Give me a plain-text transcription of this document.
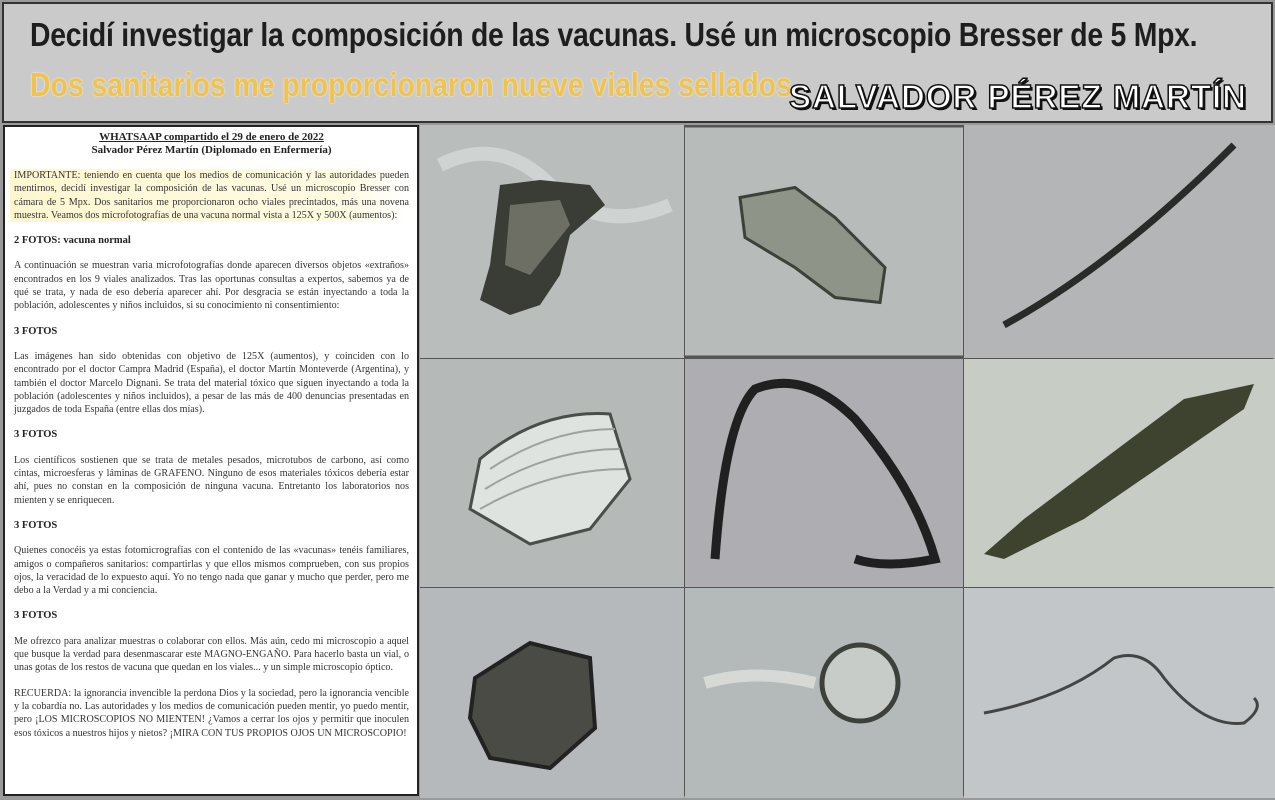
Decidí investigar la composición de las vacunas. Usé un microscopio Bresser de 5 Mpx.
Dos sanitarios me proporcionaron nueve viales sellados.
SALVADOR PÉREZ MARTÍN
WHATSAAP compartido el 29 de enero de 2022
Salvador Pérez Martín (Diplomado en Enfermería)

IMPORTANTE: teniendo en cuenta que los medios de comunicación y las autoridades pueden mentirnos, decidí investigar la composición de las vacunas. Usé un microscopio Bresser con cámara de 5 Mpx. Dos sanitarios me proporcionaron ocho viales precintados, más una novena muestra. Veamos dos microfotografías de una vacuna normal vista a 125X y 500X (aumentos):

2 FOTOS: vacuna normal

A continuación se muestran varia microfotografías donde aparecen diversos objetos «extraños» encontrados en los 9 viales analizados. Tras las oportunas consultas a expertos, sabemos ya de qué se trata, y nada de eso debería aparecer ahí. Por desgracia se están inyectando a toda la población, adolescentes y niños incluidos, si su conocimiento ni consentimiento:

3 FOTOS

Las imágenes han sido obtenidas con objetivo de 125X (aumentos), y coinciden con lo encontrado por el doctor Campra Madrid (España), el doctor Martín Monteverde (Argentina), y también el doctor Marcelo Dignani. Se trata del material tóxico que siguen inyectando a toda la población (adolescentes y niños incluidos), a pesar de las más de 400 denuncias presentadas en juzgados de toda España (entre ellas dos mías).

3 FOTOS

Los científicos sostienen que se trata de metales pesados, microtubos de carbono, así como cintas, microesferas y láminas de GRAFENO. Ninguno de esos materiales tóxicos debería estar ahí, pues no constan en la composición de ninguna vacuna. Entretanto los laboratorios nos mienten y se enriquecen.

3 FOTOS

Quienes conocéis ya estas fotomicrografías con el contenido de las «vacunas» tenéis familiares, amigos o compañeros sanitarios: compartirlas y que ellos mismos comprueben, con sus propios ojos, la veracidad de lo expuesto aquí. Yo no tengo nada que ganar y mucho que perder, pero me debo a la Verdad y a mi conciencia.

3 FOTOS

Me ofrezco para analizar muestras o colaborar con ellos. Más aún, cedo mi microscopio a aquel que busque la verdad para desenmascarar este MAGNO-ENGAÑO. Para hacerlo basta un vial, o unas gotas de los restos de vacuna que quedan en los viales... y un simple microscopio óptico.

RECUERDA: la ignorancia invencible la perdona Dios y la sociedad, pero la ignorancia vencible y la cobardía no. Las autoridades y los medios de comunicación pueden mentir, yo puedo mentir, pero ¡LOS MICROSCOPIOS NO MIENTEN! ¿Vamos a cerrar los ojos y permitir que inoculen esos tóxicos a nuestros hijos y nietos? ¡MIRA CON TUS PROPIOS OJOS UN MICROSCOPIO!
